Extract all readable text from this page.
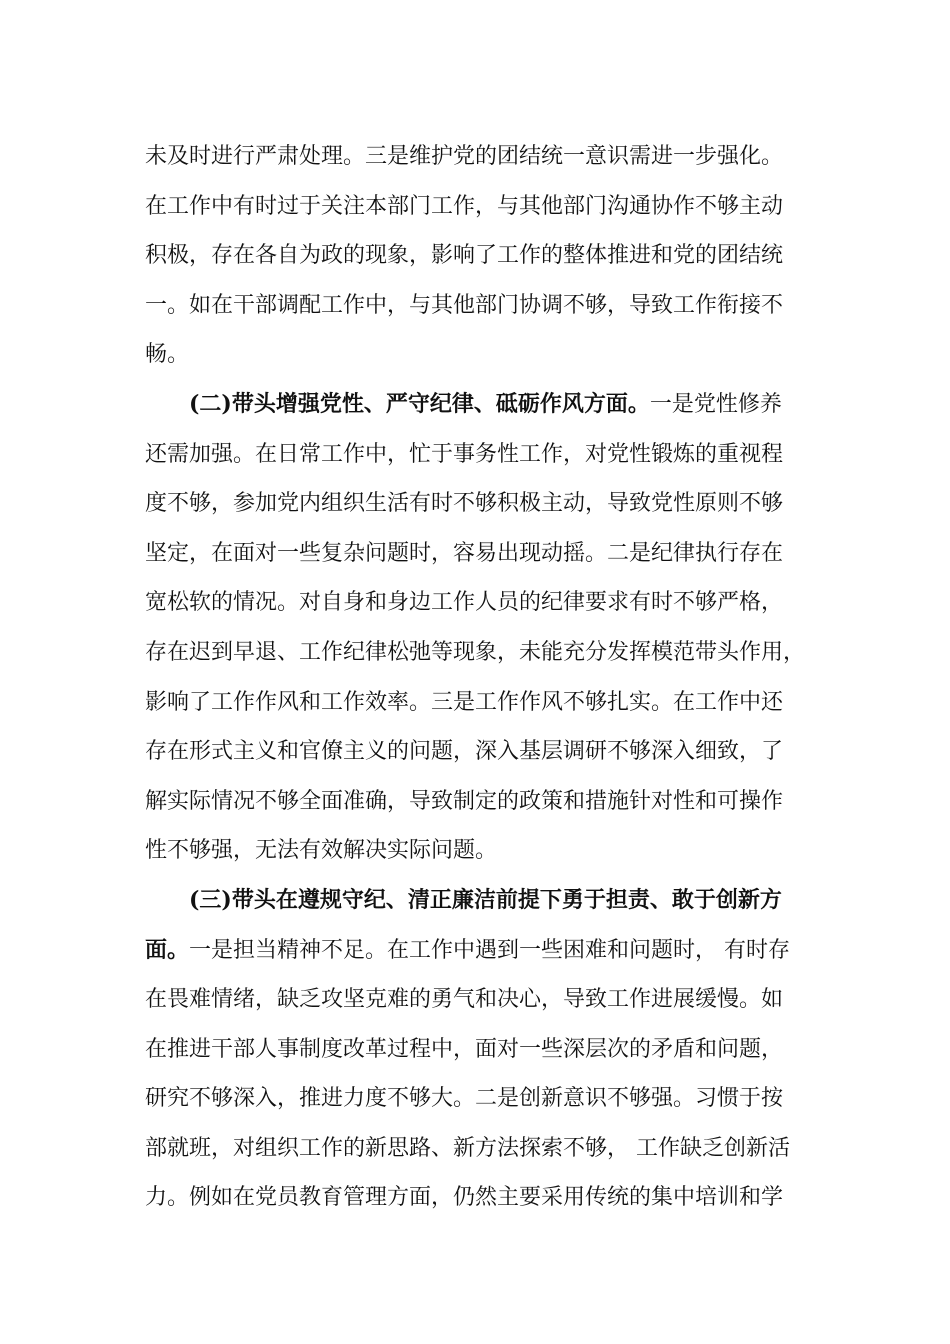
未及时进行严肃处理。三是维护党的团结统一意识需进一步强化。
在工作中有时过于关注本部门工作，与其他部门沟通协作不够主动
积极，存在各自为政的现象，影响了工作的整体推进和党的团结统
一。如在干部调配工作中，与其他部门协调不够，导致工作衔接不
畅。
(二)带头增强党性、严守纪律、砥砺作风方面。一是党性修养
还需加强。在日常工作中，忙于事务性工作，对党性锻炼的重视程
度不够，参加党内组织生活有时不够积极主动，导致党性原则不够
坚定，在面对一些复杂问题时，容易出现动摇。二是纪律执行存在
宽松软的情况。对自身和身边工作人员的纪律要求有时不够严格，
存在迟到早退、工作纪律松弛等现象，未能充分发挥模范带头作用，
影响了工作作风和工作效率。三是工作作风不够扎实。在工作中还
存在形式主义和官僚主义的问题，深入基层调研不够深入细致，了
解实际情况不够全面准确，导致制定的政策和措施针对性和可操作
性不够强，无法有效解决实际问题。
(三)带头在遵规守纪、清正廉洁前提下勇于担责、敢于创新方
面。一是担当精神不足。在工作中遇到一些困难和问题时， 有时存
在畏难情绪，缺乏攻坚克难的勇气和决心，导致工作进展缓慢。如
在推进干部人事制度改革过程中，面对一些深层次的矛盾和问题，
研究不够深入，推进力度不够大。二是创新意识不够强。习惯于按
部就班，对组织工作的新思路、新方法探索不够， 工作缺乏创新活
力。例如在党员教育管理方面，仍然主要采用传统的集中培训和学
